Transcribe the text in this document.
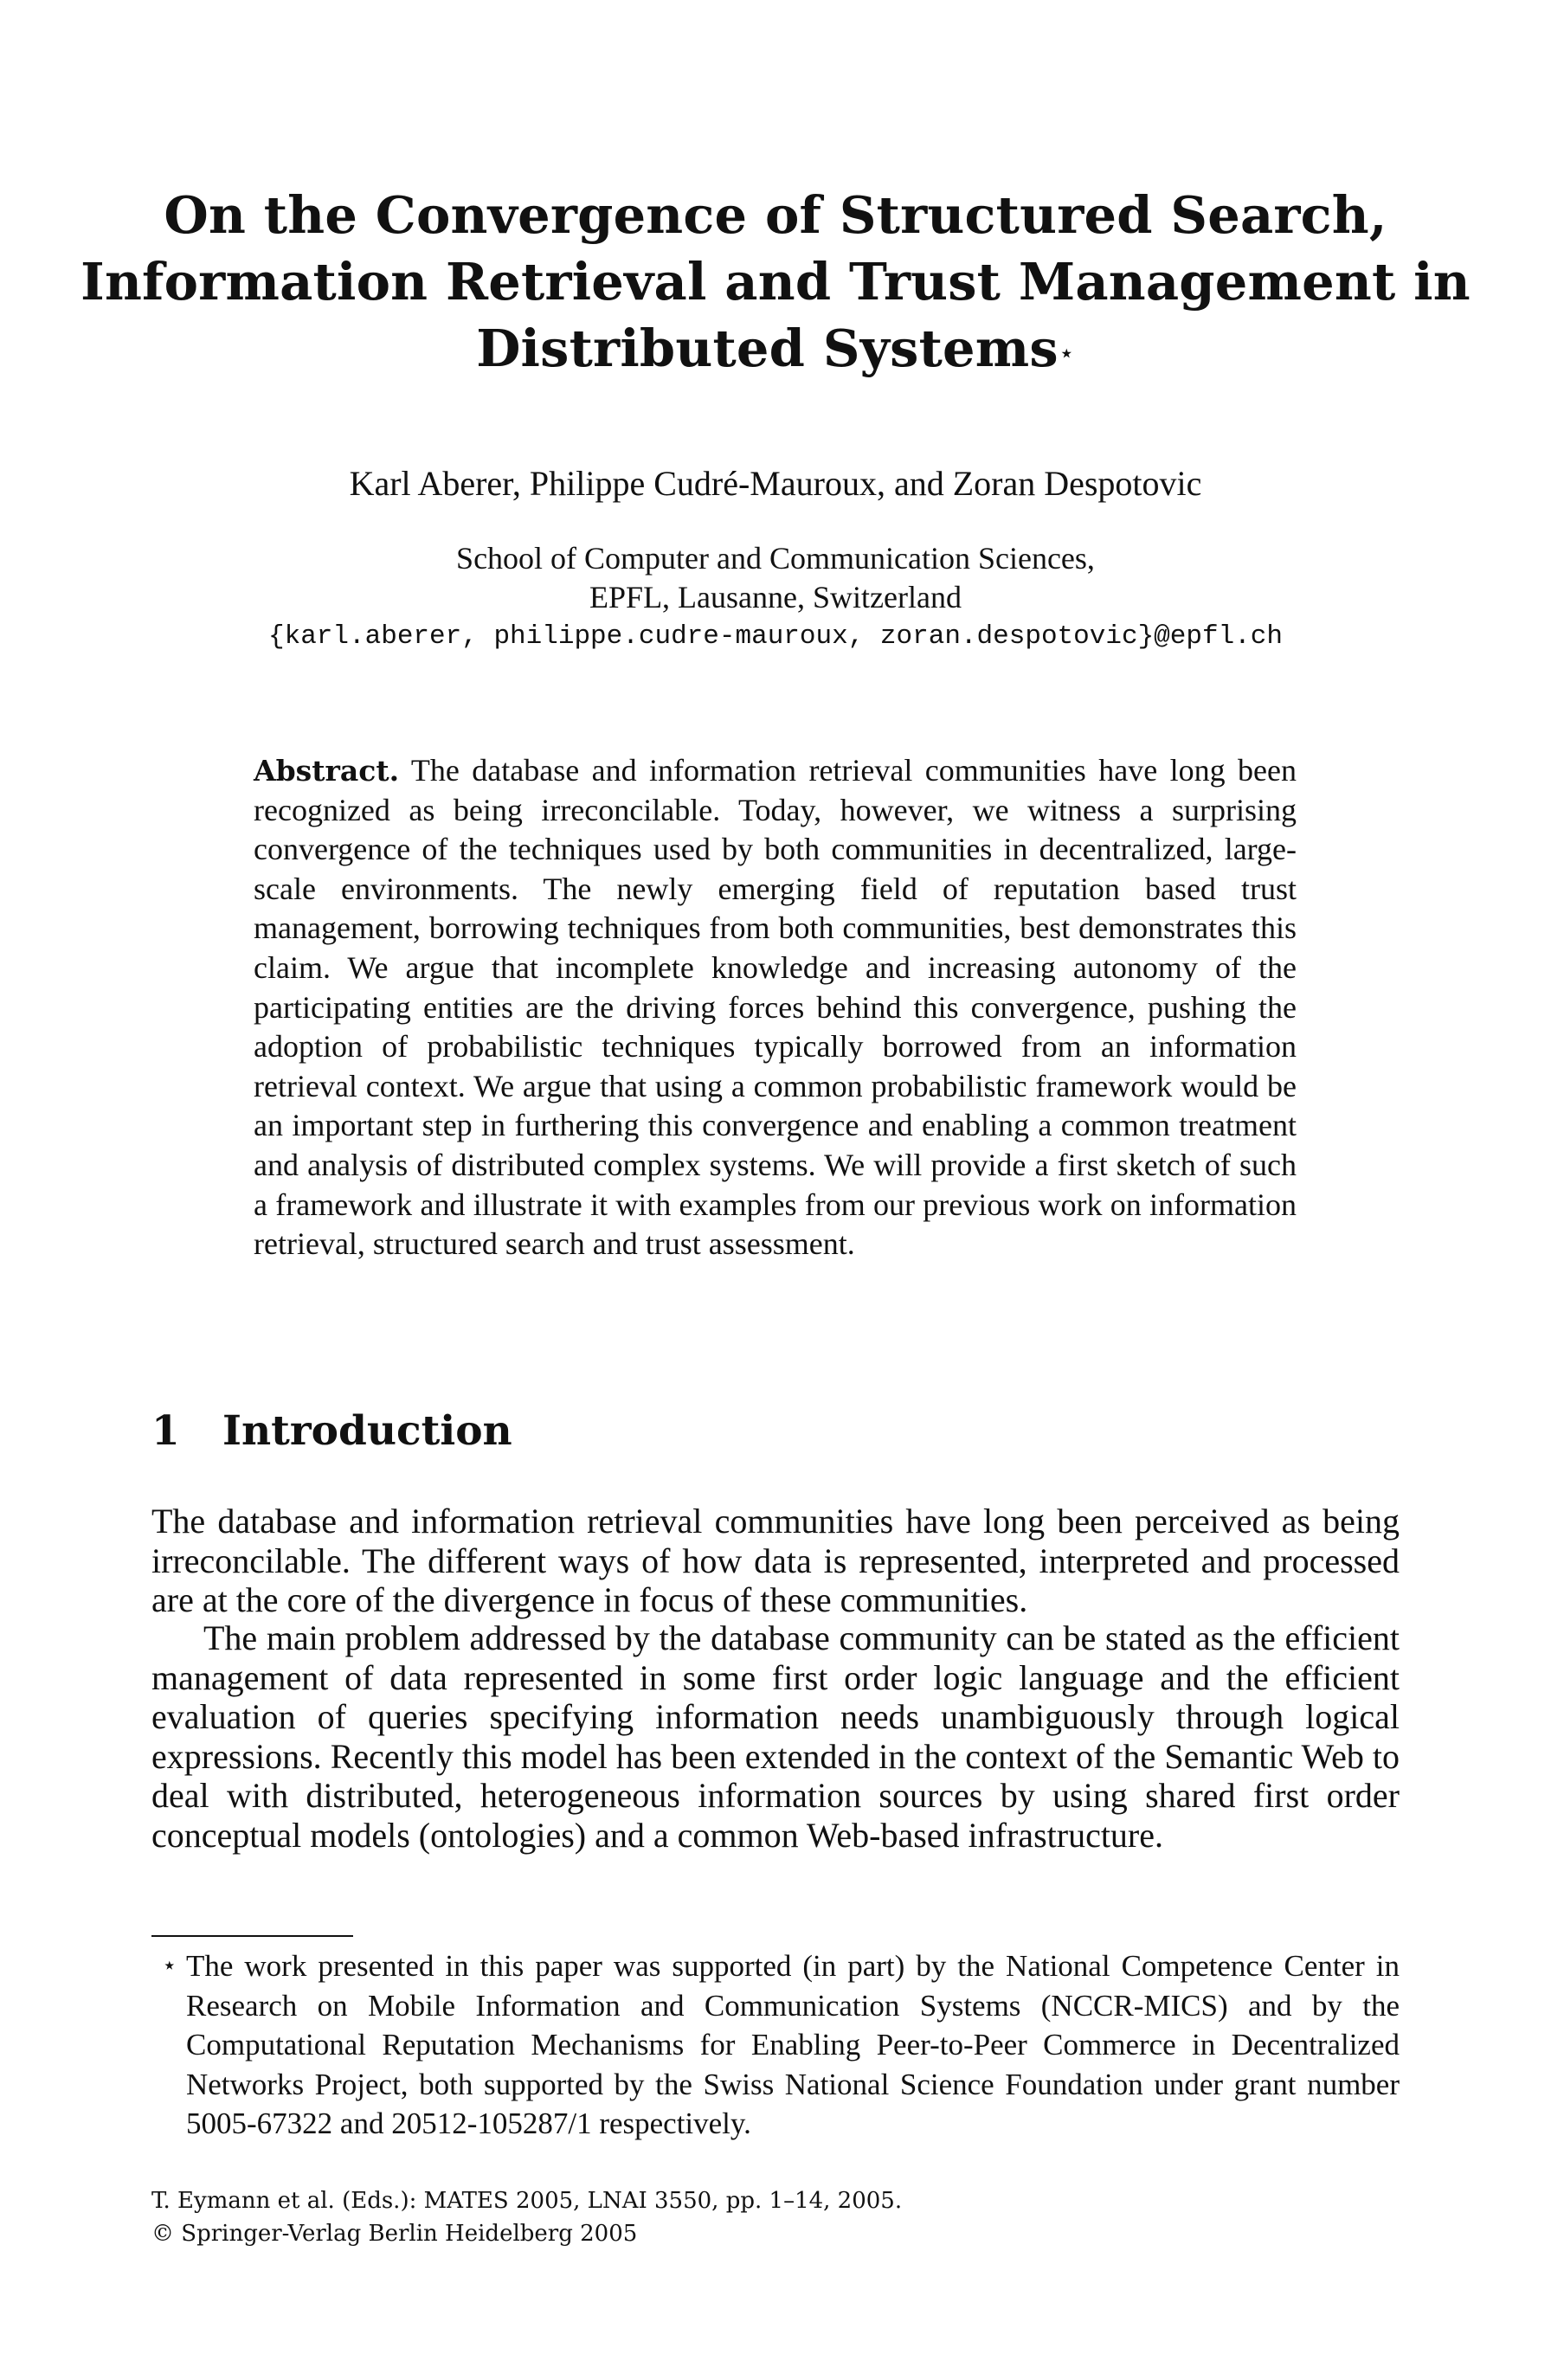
On the Convergence of Structured Search,
Information Retrieval and Trust Management in
Distributed Systems⋆
Karl Aberer, Philippe Cudré-Mauroux, and Zoran Despotovic
School of Computer and Communication Sciences,
EPFL, Lausanne, Switzerland
{karl.aberer, philippe.cudre-mauroux, zoran.despotovic}@epfl.ch
Abstract. The database and information retrieval communities have long been recognized as being irreconcilable. Today, however, we witness a surprising convergence of the techniques used by both communities in decentralized, large-scale environments. The newly emerging field of reputation based trust management, borrowing techniques from both communities, best demonstrates this claim. We argue that incomplete knowledge and increasing autonomy of the participating entities are the driving forces behind this convergence, pushing the adoption of probabilistic techniques typically borrowed from an information retrieval context. We argue that using a common probabilistic framework would be an important step in furthering this convergence and enabling a common treatment and analysis of distributed complex systems. We will provide a first sketch of such a framework and illustrate it with examples from our previous work on information retrieval, structured search and trust assessment.
1 Introduction
The database and information retrieval communities have long been perceived as being irreconcilable. The different ways of how data is represented, interpreted and processed are at the core of the divergence in focus of these communities.
The main problem addressed by the database community can be stated as the efficient management of data represented in some first order logic language and the efficient evaluation of queries specifying information needs unambiguously through logical expressions. Recently this model has been extended in the context of the Semantic Web to deal with distributed, heterogeneous information sources by using shared first order conceptual models (ontologies) and a common Web-based infrastructure.
⋆ The work presented in this paper was supported (in part) by the National Competence Center in Research on Mobile Information and Communication Systems (NCCR-MICS) and by the Computational Reputation Mechanisms for Enabling Peer-to-Peer Commerce in Decentralized Networks Project, both supported by the Swiss National Science Foundation under grant number 5005-67322 and 20512-105287/1 respectively.
T. Eymann et al. (Eds.): MATES 2005, LNAI 3550, pp. 1–14, 2005.
© Springer-Verlag Berlin Heidelberg 2005
